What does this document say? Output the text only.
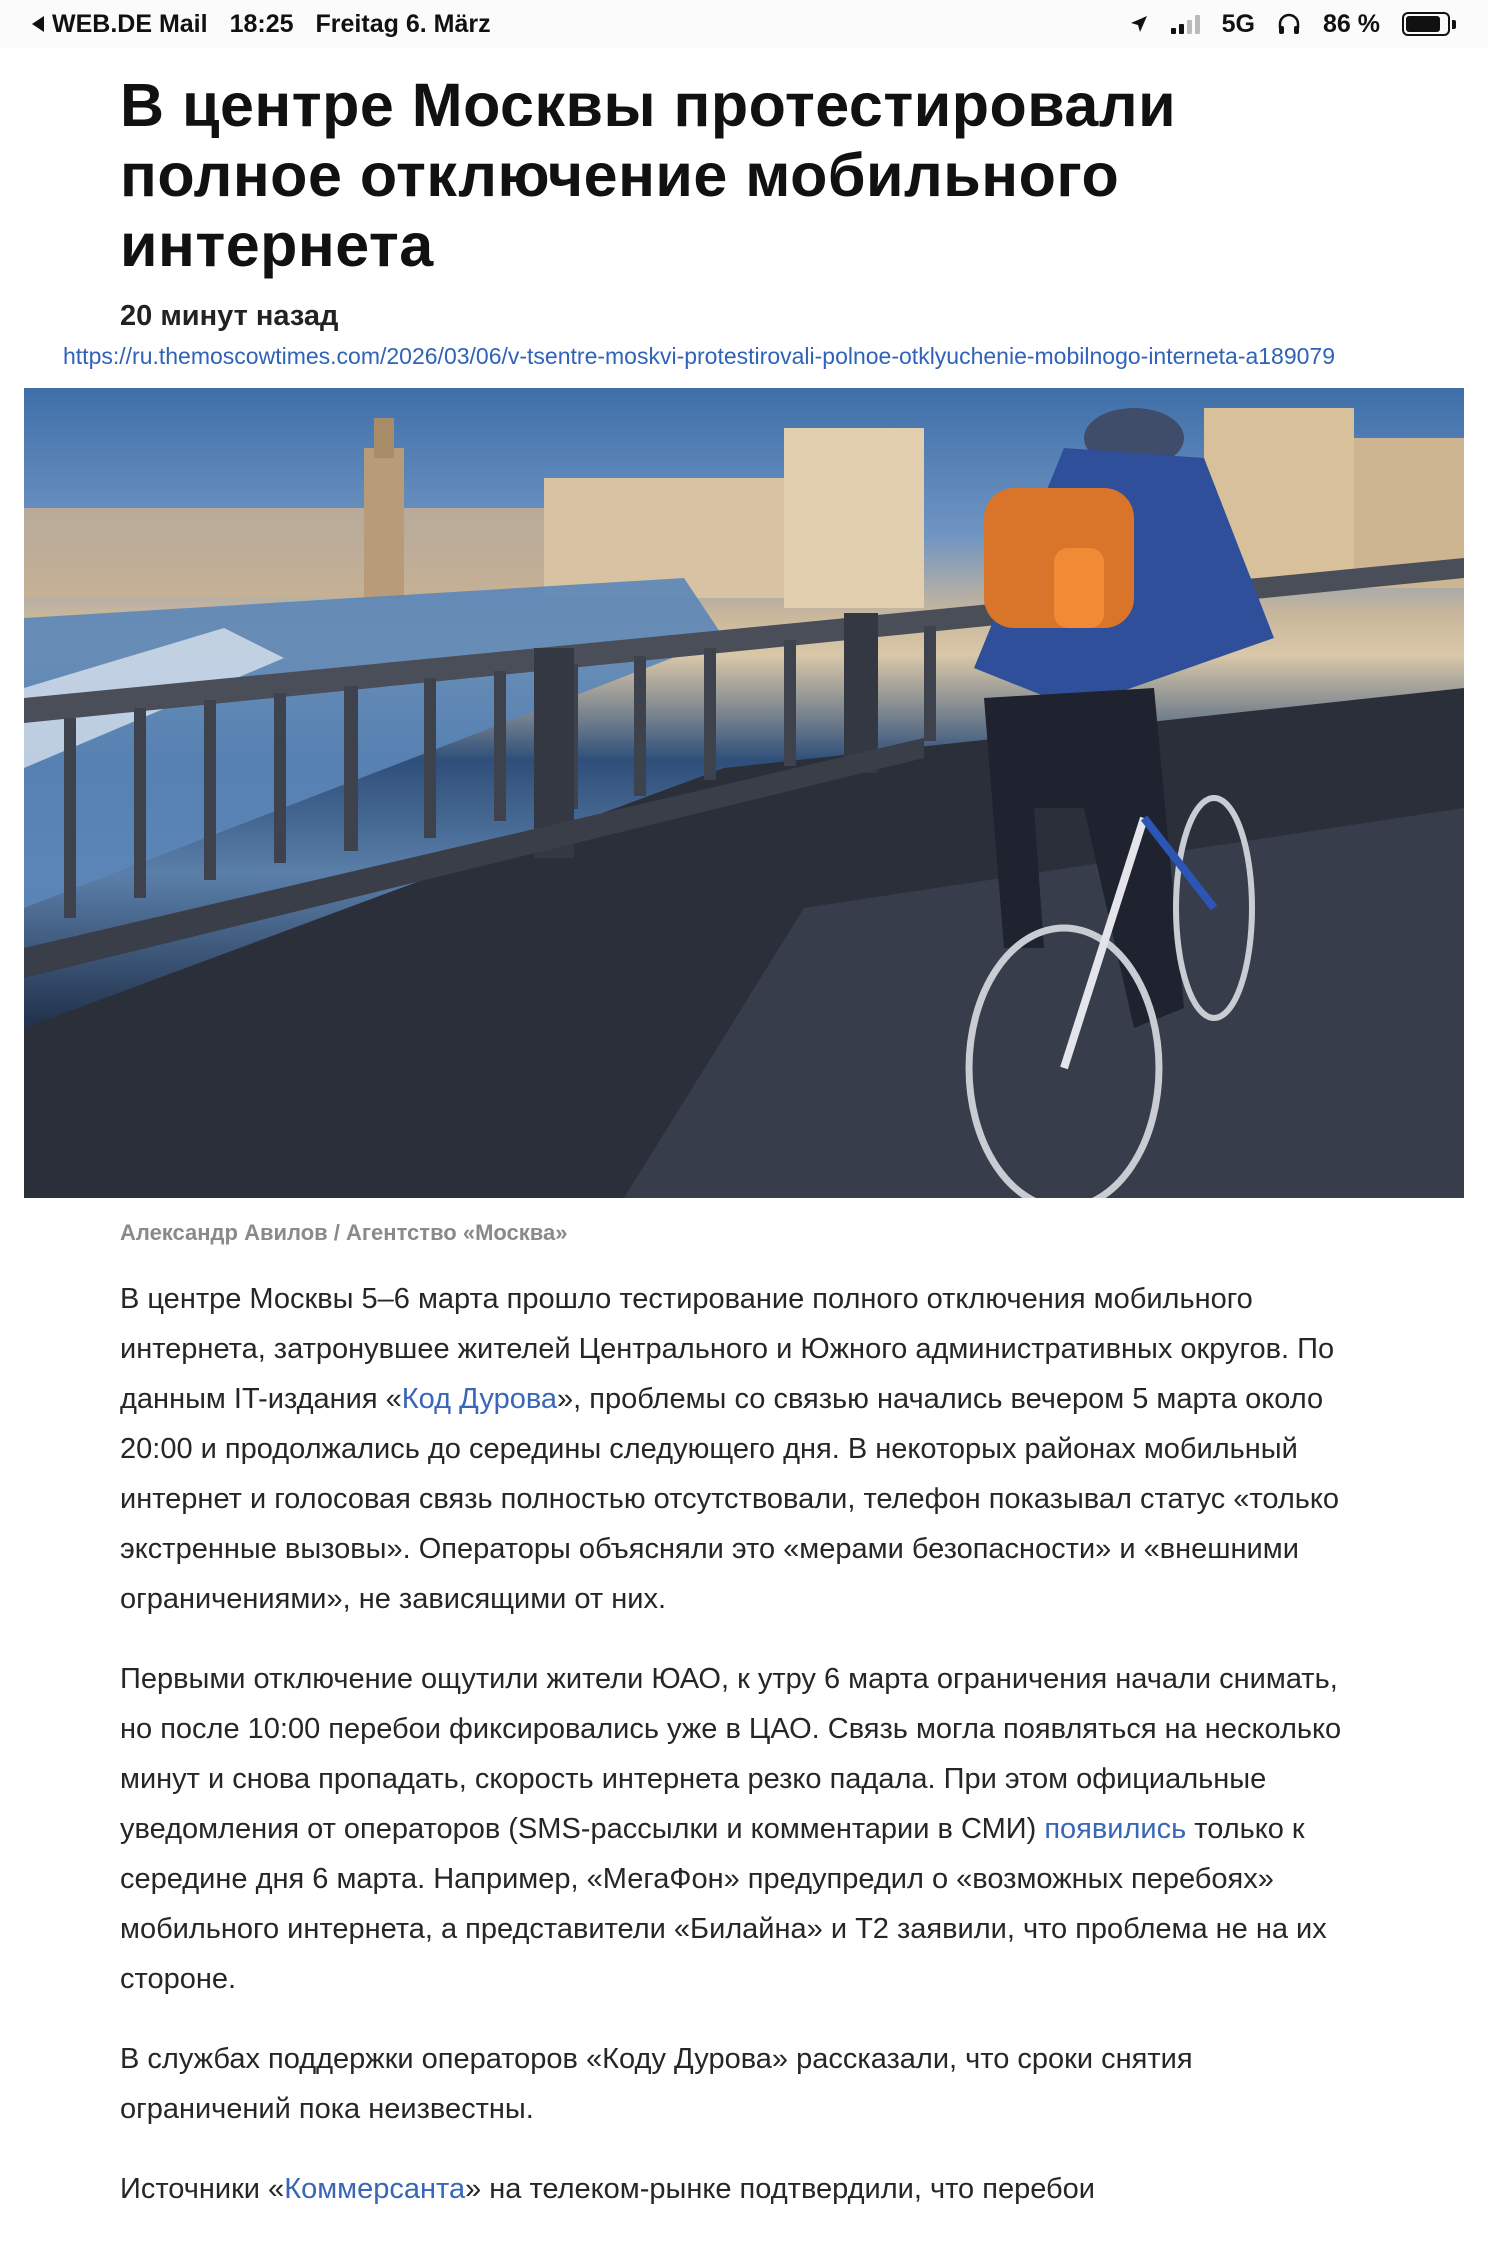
WEB.DE Mail 18:25 Freitag 6. März	5G	86 %
В центре Москвы протестировали полное отключение мобильного интернета
20 минут назад
https://ru.themoscowtimes.com/2026/03/06/v-tsentre-moskvi-protestirovali-polnoe-otklyuchenie-mobilnogo-interneta-a189079
Александр Авилов / Агентство «Москва»

В центре Москвы 5–6 марта прошло тестирование полного отключения мобильного интернета, затронувшее жителей Центрального и Южного административных округов. По данным IT-издания «Код Дурова», проблемы со связью начались вечером 5 марта около 20:00 и продолжались до середины следующего дня. В некоторых районах мобильный интернет и голосовая связь полностью отсутствовали, телефон показывал статус «только экстренные вызовы». Операторы объясняли это «мерами безопасности» и «внешними ограничениями», не зависящими от них.

Первыми отключение ощутили жители ЮАО, к утру 6 марта ограничения начали снимать, но после 10:00 перебои фиксировались уже в ЦАО. Связь могла появляться на несколько минут и снова пропадать, скорость интернета резко падала. При этом официальные уведомления от операторов (SMS-рассылки и комментарии в СМИ) появились только к середине дня 6 марта. Например, «МегаФон» предупредил о «возможных перебоях» мобильного интернета, а представители «Билайна» и Т2 заявили, что проблема не на их стороне.

В службах поддержки операторов «Коду Дурова» рассказали, что сроки снятия ограничений пока неизвестны.

Источники «Коммерсанта» на телеком-рынке подтвердили, что перебои
